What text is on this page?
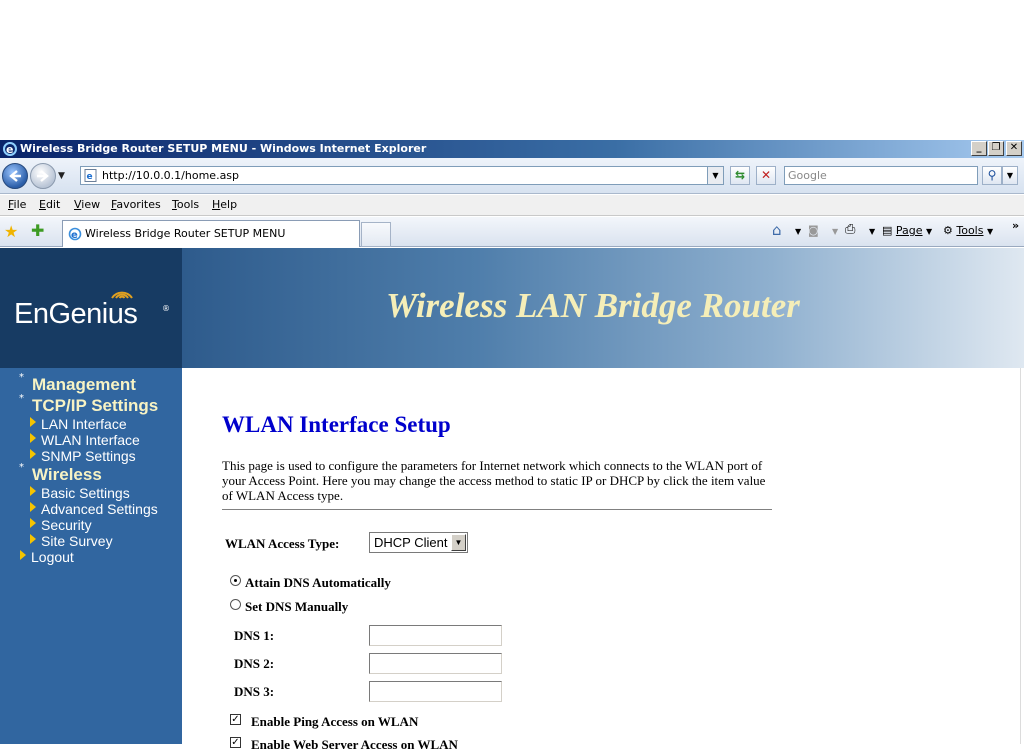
e Wireless Bridge Router SETUP MENU - Windows Internet Explorer	_	❐ ✕
▼ e http://10.0.0.1/home.asp	▼	⇆	✕	Google	⚲	▼
File Edit View Favorites Tools Help
★ ✚	e Wireless Bridge Router SETUP MENU	⌂ ▼ ◙ ▼ ⎙ ▼ ▤ Page ▼ ⚙ Tools ▼ »
EnGenius	®	Wireless LAN Bridge Router
* Management
* TCP/IP Settings
LAN Interface
WLAN Interface
SNMP Settings
* Wireless
Basic Settings
Advanced Settings
Security
Site Survey
Logout
WLAN Interface Setup
This page is used to configure the parameters for Internet network which connects to the WLAN port of your Access Point. Here you may change the access method to static IP or DHCP by click the item value of WLAN Access type.
WLAN Access Type:	DHCP Client ▼
Attain DNS Automatically
Set DNS Manually
DNS 1:
DNS 2:
DNS 3:
✓ Enable Ping Access on WLAN
✓ Enable Web Server Access on WLAN
